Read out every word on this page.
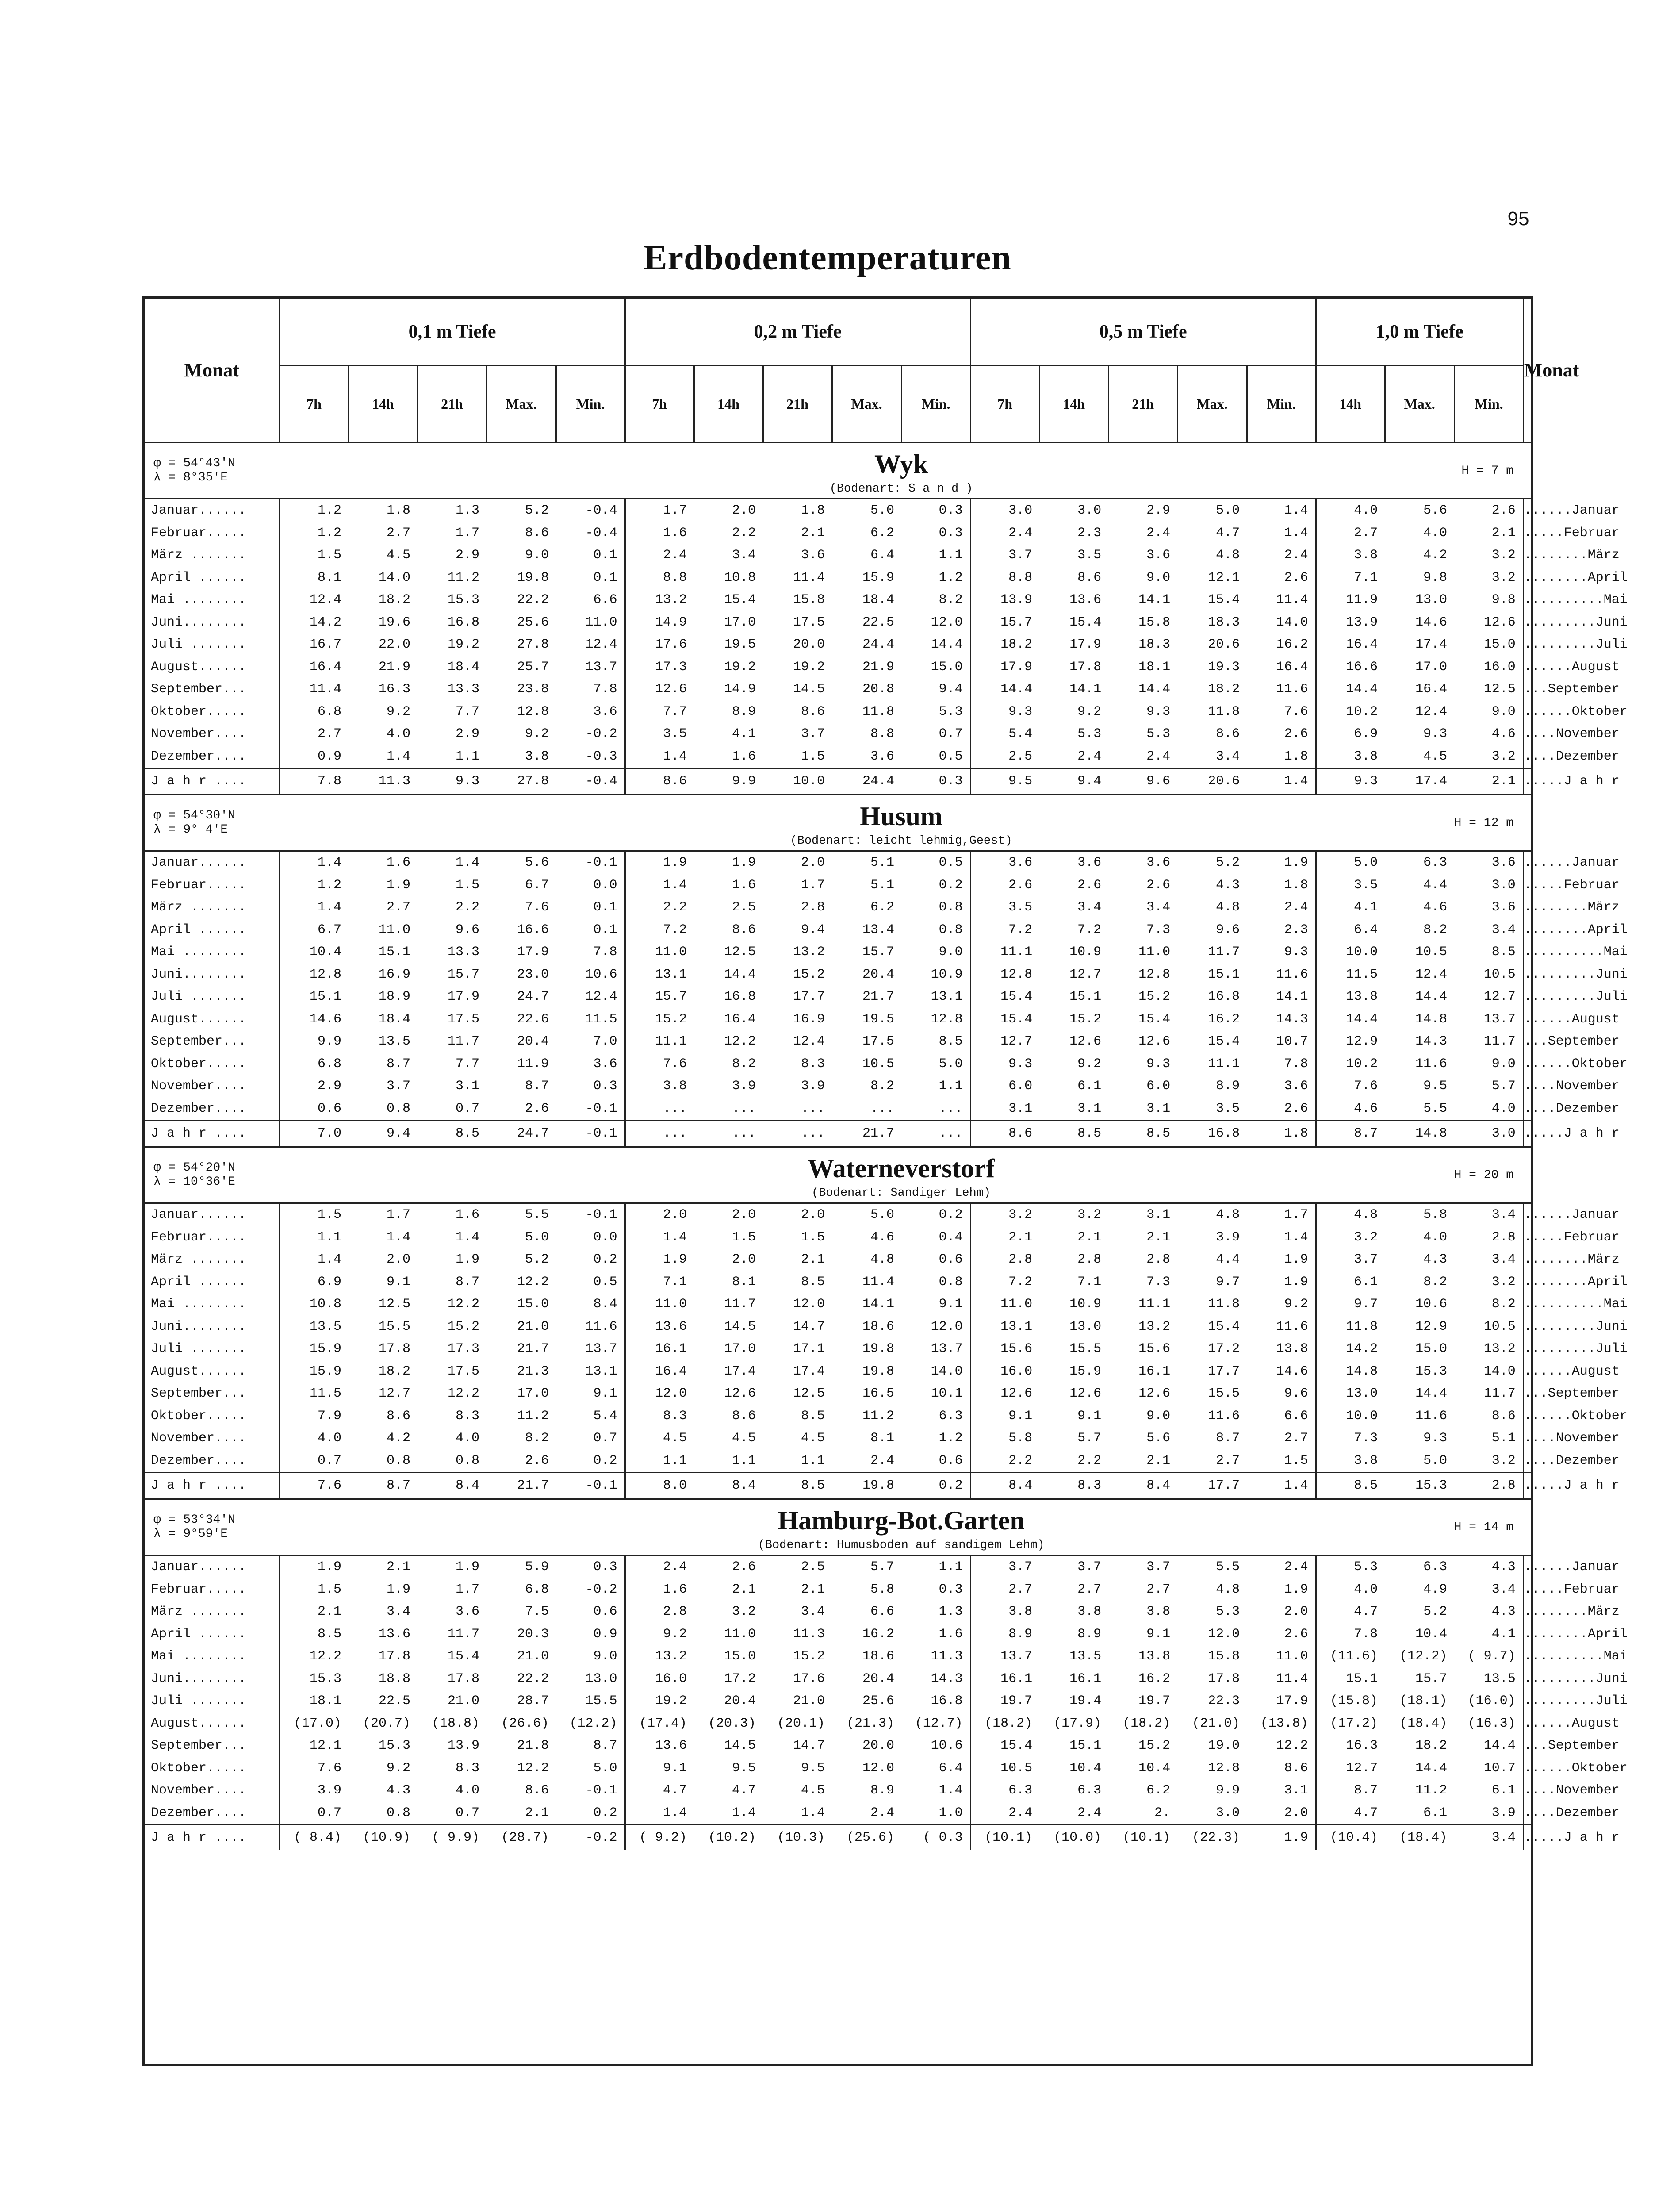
95
Erdbodentemperaturen
Monat	0,1 m Tiefe					0,2 m Tiefe					0,5 m Tiefe					1,0 m Tiefe			Monat
	7h	14h	21h	Max.	Min.	7h	14h	21h	Max.	Min.	7h	14h	21h	Max.	Min.	14h	Max.	Min.	

φ = 54°43'N
λ = 8°35'E			Wyk														H = 7 m		
			(Bodenart: S a n d )																
Januar......	1.2	1.8	1.3	5.2	-0.4	1.7	2.0	1.8	5.0	0.3	3.0	3.0	2.9	5.0	1.4	4.0	5.6	2.6	......Januar
Februar.....	1.2	2.7	1.7	8.6	-0.4	1.6	2.2	2.1	6.2	0.3	2.4	2.3	2.4	4.7	1.4	2.7	4.0	2.1	.....Februar
März .......	1.5	4.5	2.9	9.0	0.1	2.4	3.4	3.6	6.4	1.1	3.7	3.5	3.6	4.8	2.4	3.8	4.2	3.2	........März
April ......	8.1	14.0	11.2	19.8	0.1	8.8	10.8	11.4	15.9	1.2	8.8	8.6	9.0	12.1	2.6	7.1	9.8	3.2	........April
Mai ........	12.4	18.2	15.3	22.2	6.6	13.2	15.4	15.8	18.4	8.2	13.9	13.6	14.1	15.4	11.4	11.9	13.0	9.8	..........Mai
Juni........	14.2	19.6	16.8	25.6	11.0	14.9	17.0	17.5	22.5	12.0	15.7	15.4	15.8	18.3	14.0	13.9	14.6	12.6	.........Juni
Juli .......	16.7	22.0	19.2	27.8	12.4	17.6	19.5	20.0	24.4	14.4	18.2	17.9	18.3	20.6	16.2	16.4	17.4	15.0	.........Juli
August......	16.4	21.9	18.4	25.7	13.7	17.3	19.2	19.2	21.9	15.0	17.9	17.8	18.1	19.3	16.4	16.6	17.0	16.0	......August
September...	11.4	16.3	13.3	23.8	7.8	12.6	14.9	14.5	20.8	9.4	14.4	14.1	14.4	18.2	11.6	14.4	16.4	12.5	...September
Oktober.....	6.8	9.2	7.7	12.8	3.6	7.7	8.9	8.6	11.8	5.3	9.3	9.2	9.3	11.8	7.6	10.2	12.4	9.0	......Oktober
November....	2.7	4.0	2.9	9.2	-0.2	3.5	4.1	3.7	8.8	0.7	5.4	5.3	5.3	8.6	2.6	6.9	9.3	4.6	....November
Dezember....	0.9	1.4	1.1	3.8	-0.3	1.4	1.6	1.5	3.6	0.5	2.5	2.4	2.4	3.4	1.8	3.8	4.5	3.2	....Dezember
J a h r ....	7.8	11.3	9.3	27.8	-0.4	8.6	9.9	10.0	24.4	0.3	9.5	9.4	9.6	20.6	1.4	9.3	17.4	2.1	.....J a h r

φ = 54°30'N
λ = 9° 4'E			Husum														H = 12 m		
			(Bodenart: leicht lehmig,Geest)																
Januar......	1.4	1.6	1.4	5.6	-0.1	1.9	1.9	2.0	5.1	0.5	3.6	3.6	3.6	5.2	1.9	5.0	6.3	3.6	......Januar
Februar.....	1.2	1.9	1.5	6.7	0.0	1.4	1.6	1.7	5.1	0.2	2.6	2.6	2.6	4.3	1.8	3.5	4.4	3.0	.....Februar
März .......	1.4	2.7	2.2	7.6	0.1	2.2	2.5	2.8	6.2	0.8	3.5	3.4	3.4	4.8	2.4	4.1	4.6	3.6	........März
April ......	6.7	11.0	9.6	16.6	0.1	7.2	8.6	9.4	13.4	0.8	7.2	7.2	7.3	9.6	2.3	6.4	8.2	3.4	........April
Mai ........	10.4	15.1	13.3	17.9	7.8	11.0	12.5	13.2	15.7	9.0	11.1	10.9	11.0	11.7	9.3	10.0	10.5	8.5	..........Mai
Juni........	12.8	16.9	15.7	23.0	10.6	13.1	14.4	15.2	20.4	10.9	12.8	12.7	12.8	15.1	11.6	11.5	12.4	10.5	.........Juni
Juli .......	15.1	18.9	17.9	24.7	12.4	15.7	16.8	17.7	21.7	13.1	15.4	15.1	15.2	16.8	14.1	13.8	14.4	12.7	.........Juli
August......	14.6	18.4	17.5	22.6	11.5	15.2	16.4	16.9	19.5	12.8	15.4	15.2	15.4	16.2	14.3	14.4	14.8	13.7	......August
September...	9.9	13.5	11.7	20.4	7.0	11.1	12.2	12.4	17.5	8.5	12.7	12.6	12.6	15.4	10.7	12.9	14.3	11.7	...September
Oktober.....	6.8	8.7	7.7	11.9	3.6	7.6	8.2	8.3	10.5	5.0	9.3	9.2	9.3	11.1	7.8	10.2	11.6	9.0	......Oktober
November....	2.9	3.7	3.1	8.7	0.3	3.8	3.9	3.9	8.2	1.1	6.0	6.1	6.0	8.9	3.6	7.6	9.5	5.7	....November
Dezember....	0.6	0.8	0.7	2.6	-0.1	...	...	...	...	...	3.1	3.1	3.1	3.5	2.6	4.6	5.5	4.0	....Dezember
J a h r ....	7.0	9.4	8.5	24.7	-0.1	...	...	...	21.7	...	8.6	8.5	8.5	16.8	1.8	8.7	14.8	3.0	.....J a h r

φ = 54°20'N
λ = 10°36'E			Waterneverstorf														H = 20 m		
			(Bodenart: Sandiger Lehm)																
Januar......	1.5	1.7	1.6	5.5	-0.1	2.0	2.0	2.0	5.0	0.2	3.2	3.2	3.1	4.8	1.7	4.8	5.8	3.4	......Januar
Februar.....	1.1	1.4	1.4	5.0	0.0	1.4	1.5	1.5	4.6	0.4	2.1	2.1	2.1	3.9	1.4	3.2	4.0	2.8	.....Februar
März .......	1.4	2.0	1.9	5.2	0.2	1.9	2.0	2.1	4.8	0.6	2.8	2.8	2.8	4.4	1.9	3.7	4.3	3.4	........März
April ......	6.9	9.1	8.7	12.2	0.5	7.1	8.1	8.5	11.4	0.8	7.2	7.1	7.3	9.7	1.9	6.1	8.2	3.2	........April
Mai ........	10.8	12.5	12.2	15.0	8.4	11.0	11.7	12.0	14.1	9.1	11.0	10.9	11.1	11.8	9.2	9.7	10.6	8.2	..........Mai
Juni........	13.5	15.5	15.2	21.0	11.6	13.6	14.5	14.7	18.6	12.0	13.1	13.0	13.2	15.4	11.6	11.8	12.9	10.5	.........Juni
Juli .......	15.9	17.8	17.3	21.7	13.7	16.1	17.0	17.1	19.8	13.7	15.6	15.5	15.6	17.2	13.8	14.2	15.0	13.2	.........Juli
August......	15.9	18.2	17.5	21.3	13.1	16.4	17.4	17.4	19.8	14.0	16.0	15.9	16.1	17.7	14.6	14.8	15.3	14.0	......August
September...	11.5	12.7	12.2	17.0	9.1	12.0	12.6	12.5	16.5	10.1	12.6	12.6	12.6	15.5	9.6	13.0	14.4	11.7	...September
Oktober.....	7.9	8.6	8.3	11.2	5.4	8.3	8.6	8.5	11.2	6.3	9.1	9.1	9.0	11.6	6.6	10.0	11.6	8.6	......Oktober
November....	4.0	4.2	4.0	8.2	0.7	4.5	4.5	4.5	8.1	1.2	5.8	5.7	5.6	8.7	2.7	7.3	9.3	5.1	....November
Dezember....	0.7	0.8	0.8	2.6	0.2	1.1	1.1	1.1	2.4	0.6	2.2	2.2	2.1	2.7	1.5	3.8	5.0	3.2	....Dezember
J a h r ....	7.6	8.7	8.4	21.7	-0.1	8.0	8.4	8.5	19.8	0.2	8.4	8.3	8.4	17.7	1.4	8.5	15.3	2.8	.....J a h r

φ = 53°34'N
λ = 9°59'E			Hamburg-Bot.Garten														H = 14 m		
			(Bodenart: Humusboden auf sandigem Lehm)																
Januar......	1.9	2.1	1.9	5.9	0.3	2.4	2.6	2.5	5.7	1.1	3.7	3.7	3.7	5.5	2.4	5.3	6.3	4.3	......Januar
Februar.....	1.5	1.9	1.7	6.8	-0.2	1.6	2.1	2.1	5.8	0.3	2.7	2.7	2.7	4.8	1.9	4.0	4.9	3.4	.....Februar
März .......	2.1	3.4	3.6	7.5	0.6	2.8	3.2	3.4	6.6	1.3	3.8	3.8	3.8	5.3	2.0	4.7	5.2	4.3	........März
April ......	8.5	13.6	11.7	20.3	0.9	9.2	11.0	11.3	16.2	1.6	8.9	8.9	9.1	12.0	2.6	7.8	10.4	4.1	........April
Mai ........	12.2	17.8	15.4	21.0	9.0	13.2	15.0	15.2	18.6	11.3	13.7	13.5	13.8	15.8	11.0	(11.6)	(12.2)	( 9.7)	..........Mai
Juni........	15.3	18.8	17.8	22.2	13.0	16.0	17.2	17.6	20.4	14.3	16.1	16.1	16.2	17.8	11.4	15.1	15.7	13.5	.........Juni
Juli .......	18.1	22.5	21.0	28.7	15.5	19.2	20.4	21.0	25.6	16.8	19.7	19.4	19.7	22.3	17.9	(15.8)	(18.1)	(16.0)	.........Juli
August......	(17.0)	(20.7)	(18.8)	(26.6)	(12.2)	(17.4)	(20.3)	(20.1)	(21.3)	(12.7)	(18.2)	(17.9)	(18.2)	(21.0)	(13.8)	(17.2)	(18.4)	(16.3)	......August
September...	12.1	15.3	13.9	21.8	8.7	13.6	14.5	14.7	20.0	10.6	15.4	15.1	15.2	19.0	12.2	16.3	18.2	14.4	...September
Oktober.....	7.6	9.2	8.3	12.2	5.0	9.1	9.5	9.5	12.0	6.4	10.5	10.4	10.4	12.8	8.6	12.7	14.4	10.7	......Oktober
November....	3.9	4.3	4.0	8.6	-0.1	4.7	4.7	4.5	8.9	1.4	6.3	6.3	6.2	9.9	3.1	8.7	11.2	6.1	....November
Dezember....	0.7	0.8	0.7	2.1	0.2	1.4	1.4	1.4	2.4	1.0	2.4	2.4	2.	3.0	2.0	4.7	6.1	3.9	....Dezember
J a h r ....	( 8.4)	(10.9)	( 9.9)	(28.7)	-0.2	( 9.2)	(10.2)	(10.3)	(25.6)	( 0.3	(10.1)	(10.0)	(10.1)	(22.3)	1.9	(10.4)	(18.4)	3.4	.....J a h r
